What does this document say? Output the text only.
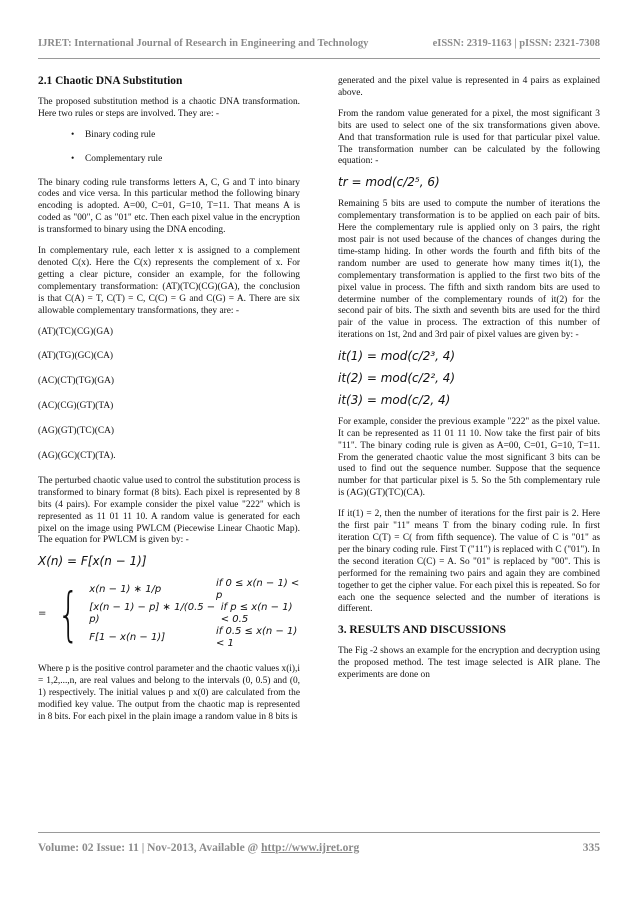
IJRET: International Journal of Research in Engineering and Technology	eISSN: 2319-1163 | pISSN: 2321-7308
2.1 Chaotic DNA Substitution

The proposed substitution method is a chaotic DNA transformation. Here two rules or steps are involved. They are: -

• Binary coding rule
• Complementary rule

The binary coding rule transforms letters A, C, G and T into binary codes and vice versa. In this particular method the following binary encoding is adopted. A=00, C=01, G=10, T=11. That means A is coded as "00", C as "01" etc. Then each pixel value in the encryption is transformed to binary using the DNA encoding.

In complementary rule, each letter x is assigned to a complement denoted C(x). Here the C(x) represents the complement of x. For getting a clear picture, consider an example, for the following complementary transformation: (AT)(TC)(CG)(GA), the conclusion is that C(A) = T, C(T) = C, C(C) = G and C(G) = A. There are six allowable complementary transformations, they are: -

(AT)(TC)(CG)(GA)

(AT)(TG)(GC)(CA)

(AC)(CT)(TG)(GA)

(AC)(CG)(GT)(TA)

(AG)(GT)(TC)(CA)

(AG)(GC)(CT)(TA).

The perturbed chaotic value used to control the substitution process is transformed to binary format (8 bits). Each pixel is represented by 8 bits (4 pairs). For example consider the pixel value "222" which is represented as 11 01 11 10. A random value is generated for each pixel on the image using PWLCM (Piecewise Linear Chaotic Map). The equation for PWLCM is given by: -

X(n) = F[x(n − 1)]
= { x(n − 1) ∗ 1/p
if 0 ≤ x(n − 1) < p
[x(n − 1) − p] ∗ 1/(0.5 − p)
if p ≤ x(n − 1) < 0.5
F[1 − x(n − 1)]
if 0.5 ≤ x(n − 1) < 1

Where p is the positive control parameter and the chaotic values x(i),i = 1,2,...,n, are real values and belong to the intervals (0, 0.5) and (0, 1) respectively. The initial values p and x(0) are calculated from the modified key value. The output from the chaotic map is represented in 8 bits. For each pixel in the plain image a random value in 8 bits is

generated and the pixel value is represented in 4 pairs as explained above.

From the random value generated for a pixel, the most significant 3 bits are used to select one of the six transformations given above. And that transformation rule is used for that particular pixel value. The transformation number can be calculated by the following equation: -

tr = mod(c/2⁵, 6)

Remaining 5 bits are used to compute the number of iterations the complementary transformation is to be applied on each pair of bits. Here the complementary rule is applied only on 3 pairs, the right most pair is not used because of the chances of changes during the time-stamp hiding. In other words the fourth and fifth bits of the random number are used to generate how many times it(1), the complementary transformation is applied to the first two bits of the pixel value in process. The fifth and sixth random bits are used to determine number of the complementary rounds of it(2) for the second pair of bits. The sixth and seventh bits are used for the third pair of the value in process. The extraction of this number of iterations on 1st, 2nd and 3rd pair of pixel values are given by: -

it(1) = mod(c/2³, 4)
it(2) = mod(c/2², 4)
it(3) = mod(c/2, 4)

For example, consider the previous example "222" as the pixel value. It can be represented as 11 01 11 10. Now take the first pair of bits "11". The binary coding rule is given as A=00, C=01, G=10, T=11. From the generated chaotic value the most significant 3 bits can be used to find out the sequence number. Suppose that the sequence number for that particular pixel is 5. So the 5th complementary rule is (AG)(GT)(TC)(CA).

If it(1) = 2, then the number of iterations for the first pair is 2. Here the first pair "11" means T from the binary coding rule. In first iteration C(T) = C( from fifth sequence). The value of C is "01" as per the binary coding rule. First T ("11") is replaced with C ("01"). In the second iteration C(C) = A. So "01" is replaced by "00". This is performed for the remaining two pairs and again they are combined together to get the cipher value. For each pixel this is repeated. So for each one the sequence selected and the number of iterations is different.

3. RESULTS AND DISCUSSIONS

The Fig -2 shows an example for the encryption and decryption using the proposed method. The test image selected is AIR plane. The experiments are done on

Volume: 02 Issue: 11 | Nov-2013, Available @ http://www.ijret.org	335
